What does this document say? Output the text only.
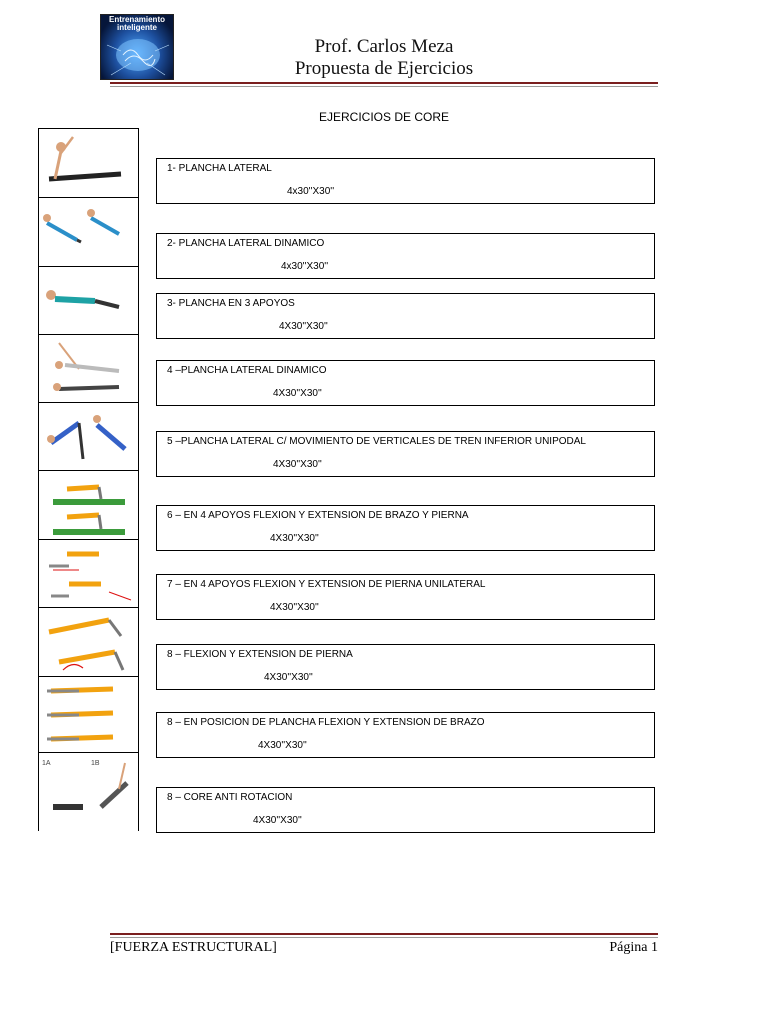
Entrenamiento
inteligente
Prof. Carlos Meza
Propuesta de Ejercicios
EJERCICIOS DE CORE
1A	1B
1- PLANCHA LATERAL
4x30''X30''
2- PLANCHA LATERAL DINAMICO
4x30''X30''
3- PLANCHA EN 3 APOYOS
4X30''X30''
4 –PLANCHA LATERAL DINAMICO
4X30''X30''
5 –PLANCHA LATERAL C/ MOVIMIENTO DE VERTICALES DE TREN INFERIOR UNIPODAL
4X30''X30''
6 – EN 4 APOYOS FLEXION Y EXTENSION DE BRAZO Y PIERNA
4X30''X30''
7 – EN 4 APOYOS FLEXION Y EXTENSION DE PIERNA UNILATERAL
4X30''X30''
8 – FLEXION Y EXTENSION DE PIERNA
4X30''X30''
8 – EN POSICION DE PLANCHA FLEXION Y EXTENSION DE BRAZO
4X30''X30''
8 – CORE ANTI ROTACION
4X30''X30''
[FUERZA ESTRUCTURAL]	Página 1
